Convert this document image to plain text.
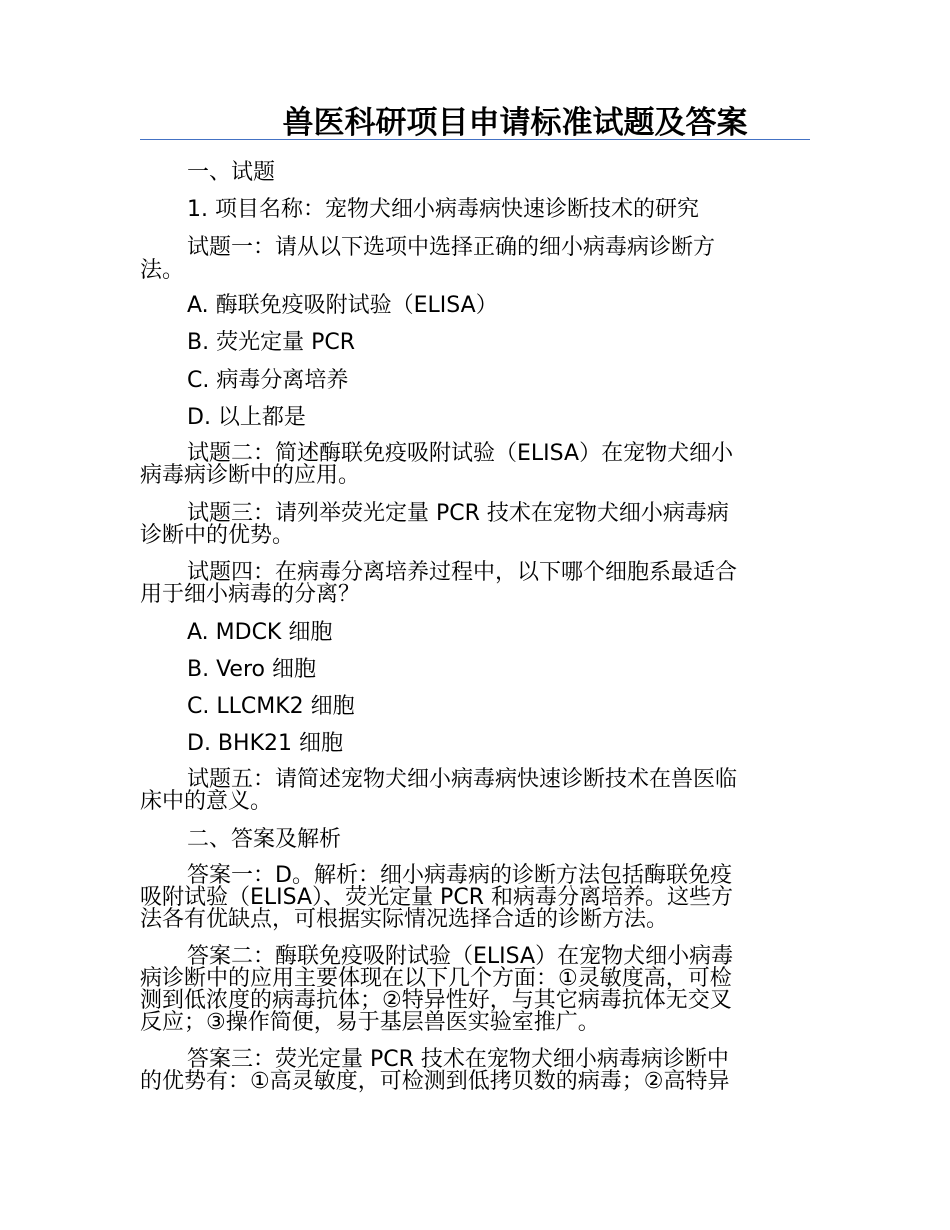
兽医科研项目申请标准试题及答案
一、试题
1. 项目名称：宠物犬细小病毒病快速诊断技术的研究
试题一：请从以下选项中选择正确的细小病毒病诊断方
法。
A. 酶联免疫吸附试验（ELISA）
B. 荧光定量 PCR
C. 病毒分离培养
D. 以上都是
试题二：简述酶联免疫吸附试验（ELISA）在宠物犬细小
病毒病诊断中的应用。
试题三：请列举荧光定量 PCR 技术在宠物犬细小病毒病
诊断中的优势。
试题四：在病毒分离培养过程中，以下哪个细胞系最适合
用于细小病毒的分离？
A. MDCK 细胞
B. Vero 细胞
C. LLCMK2 细胞
D. BHK21 细胞
试题五：请简述宠物犬细小病毒病快速诊断技术在兽医临
床中的意义。
二、答案及解析
答案一：D。解析：细小病毒病的诊断方法包括酶联免疫
吸附试验（ELISA）、荧光定量 PCR 和病毒分离培养。这些方
法各有优缺点，可根据实际情况选择合适的诊断方法。
答案二：酶联免疫吸附试验（ELISA）在宠物犬细小病毒
病诊断中的应用主要体现在以下几个方面：①灵敏度高，可检
测到低浓度的病毒抗体；②特异性好，与其它病毒抗体无交叉
反应；③操作简便，易于基层兽医实验室推广。
答案三：荧光定量 PCR 技术在宠物犬细小病毒病诊断中
的优势有：①高灵敏度，可检测到低拷贝数的病毒；②高特异
